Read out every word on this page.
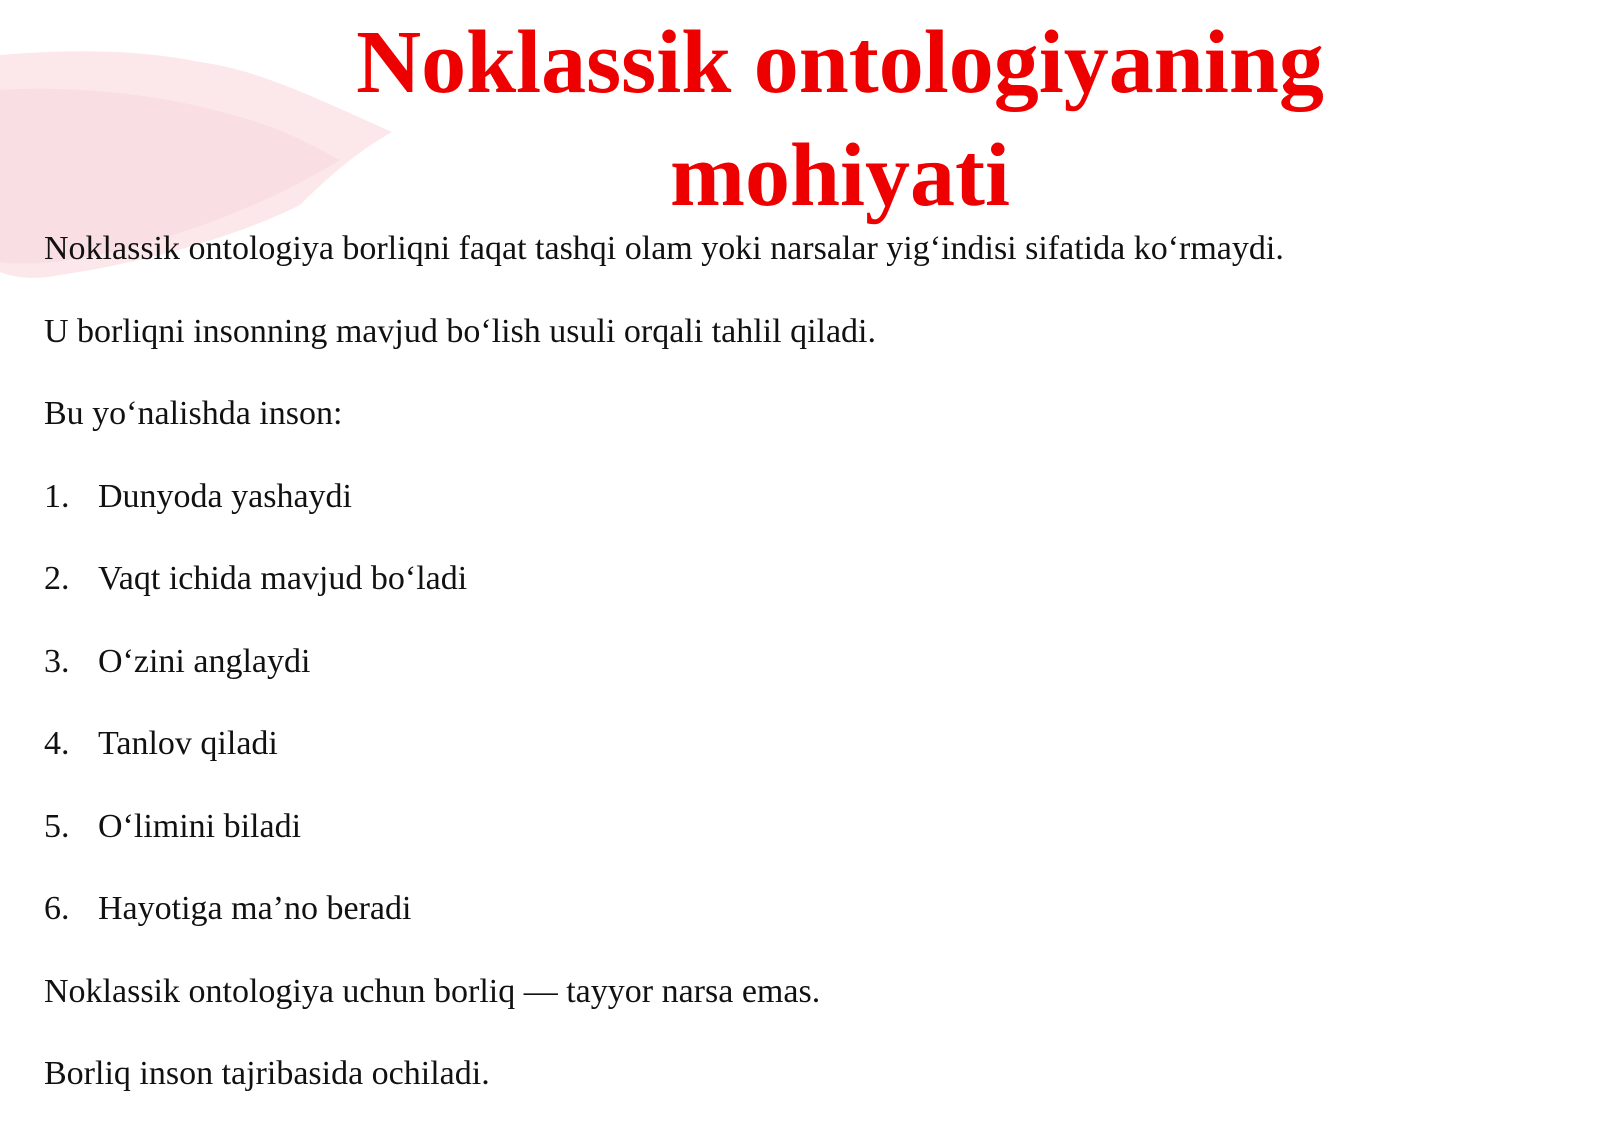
Noklassik ontologiyaning
mohiyati
Noklassik ontologiya borliqni faqat tashqi olam yoki narsalar yig‘indisi sifatida ko‘rmaydi.
U borliqni insonning mavjud bo‘lish usuli orqali tahlil qiladi.
Bu yo‘nalishda inson:
1. Dunyoda yashaydi
2. Vaqt ichida mavjud bo‘ladi
3. O‘zini anglaydi
4. Tanlov qiladi
5. O‘limini biladi
6. Hayotiga ma’no beradi
Noklassik ontologiya uchun borliq — tayyor narsa emas.
Borliq inson tajribasida ochiladi.
